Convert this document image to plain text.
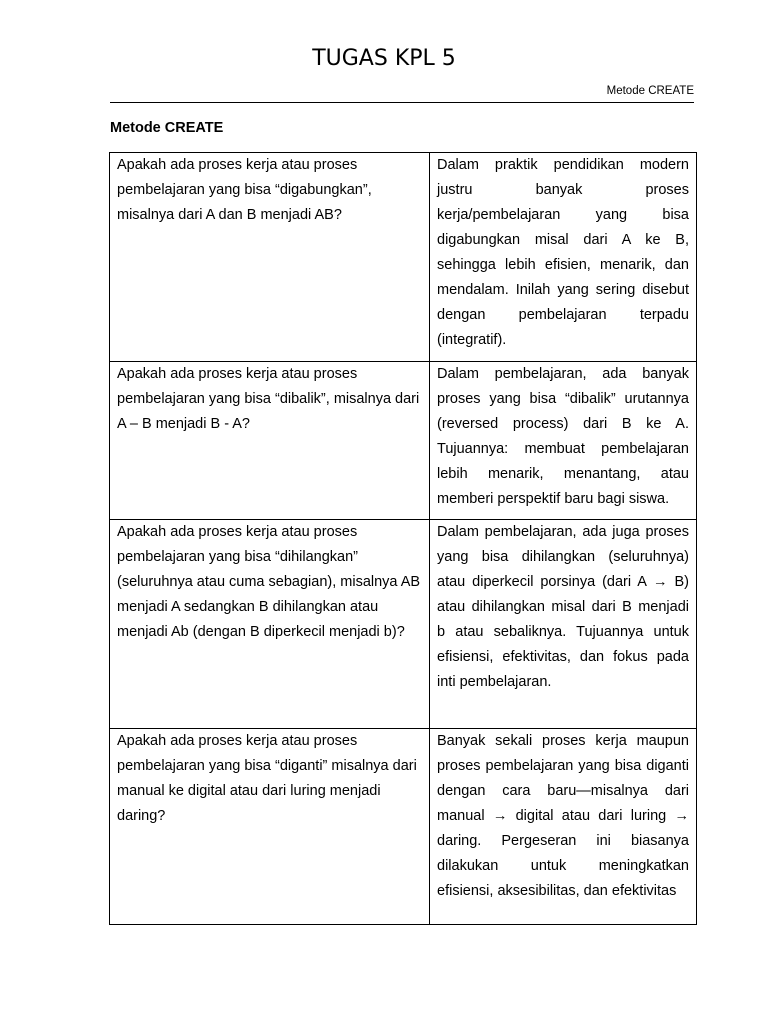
TUGAS KPL 5
Metode CREATE
Metode CREATE
Apakah ada proses kerja atau proses pembelajaran yang bisa “digabungkan”, misalnya dari A dan B menjadi AB?	Dalam praktik pendidikan modern justru banyak proses kerja/pembelajaran yang bisa digabungkan misal dari A ke B, sehingga lebih efisien, menarik, dan mendalam. Inilah yang sering disebut dengan pembelajaran terpadu (integratif).

Apakah ada proses kerja atau proses pembelajaran yang bisa “dibalik”, misalnya dari A – B menjadi B - A?	Dalam pembelajaran, ada banyak proses yang bisa “dibalik” urutannya (reversed process) dari B ke A. Tujuannya: membuat pembelajaran lebih menarik, menantang, atau memberi perspektif baru bagi siswa.

Apakah ada proses kerja atau proses pembelajaran yang bisa “dihilangkan” (seluruhnya atau cuma sebagian), misalnya AB menjadi A sedangkan B dihilangkan atau menjadi Ab (dengan B diperkecil menjadi b)?	Dalam pembelajaran, ada juga proses yang bisa dihilangkan (seluruhnya) atau diperkecil porsinya (dari A → B) atau dihilangkan misal dari B menjadi b atau sebaliknya. Tujuannya untuk efisiensi, efektivitas, dan fokus pada inti pembelajaran.

Apakah ada proses kerja atau proses pembelajaran yang bisa “diganti” misalnya dari manual ke digital atau dari luring menjadi daring?	Banyak sekali proses kerja maupun proses pembelajaran yang bisa diganti dengan cara baru—misalnya dari manual → digital atau dari luring → daring. Pergeseran ini biasanya dilakukan untuk meningkatkan efisiensi, aksesibilitas, dan efektivitas
